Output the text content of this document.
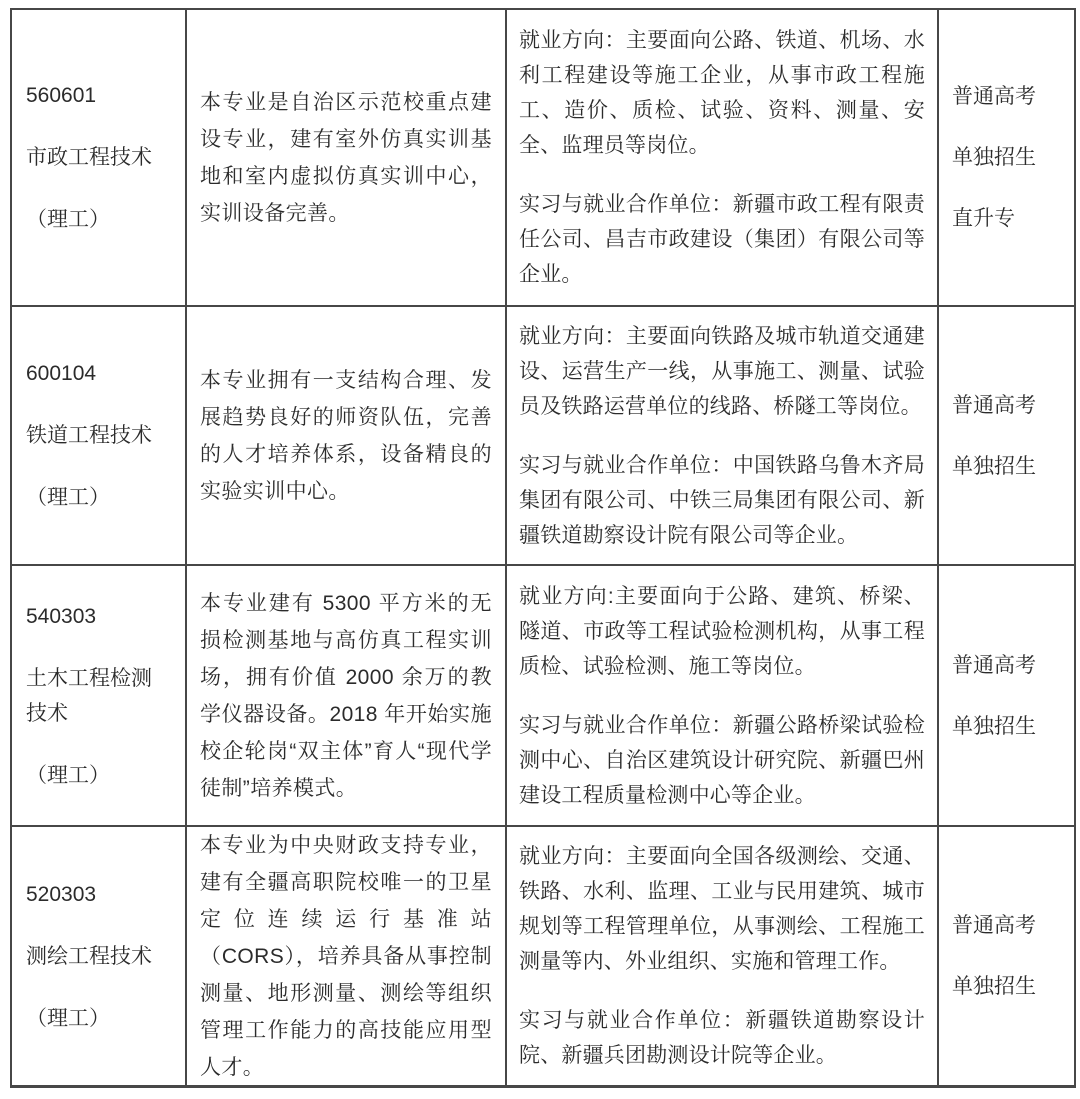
560601
市政工程技术
（理工）

本专业是自治区示范校重点建设专业，建有室外仿真实训基地和室内虚拟仿真实训中心，实训设备完善。

就业方向：主要面向公路、铁道、机场、水利工程建设等施工企业，从事市政工程施工、造价、质检、试验、资料、测量、安全、监理员等岗位。

实习与就业合作单位：新疆市政工程有限责任公司、昌吉市政建设（集团）有限公司等企业。

普通高考
单独招生
直升专
600104
铁道工程技术
（理工）

本专业拥有一支结构合理、发展趋势良好的师资队伍，完善的人才培养体系，设备精良的实验实训中心。

就业方向：主要面向铁路及城市轨道交通建设、运营生产一线，从事施工、测量、试验员及铁路运营单位的线路、桥隧工等岗位。

实习与就业合作单位：中国铁路乌鲁木齐局集团有限公司、中铁三局集团有限公司、新疆铁道勘察设计院有限公司等企业。

普通高考
单独招生
540303
土木工程检测技术
（理工）

本专业建有 5300 平方米的无损检测基地与高仿真工程实训场，拥有价值 2000 余万的教学仪器设备。2018 年开始实施校企轮岗“双主体”育人“现代学徒制”培养模式。

就业方向:主要面向于公路、建筑、桥梁、隧道、市政等工程试验检测机构，从事工程质检、试验检测、施工等岗位。

实习与就业合作单位：新疆公路桥梁试验检测中心、自治区建筑设计研究院、新疆巴州建设工程质量检测中心等企业。

普通高考
单独招生
520303
测绘工程技术
（理工）

本专业为中央财政支持专业，建有全疆高职院校唯一的卫星定位连续运行基准站（CORS），培养具备从事控制测量、地形测量、测绘等组织管理工作能力的高技能应用型人才。

就业方向：主要面向全国各级测绘、交通、铁路、水利、监理、工业与民用建筑、城市规划等工程管理单位，从事测绘、工程施工测量等内、外业组织、实施和管理工作。

实习与就业合作单位：新疆铁道勘察设计院、新疆兵团勘测设计院等企业。

普通高考
单独招生
